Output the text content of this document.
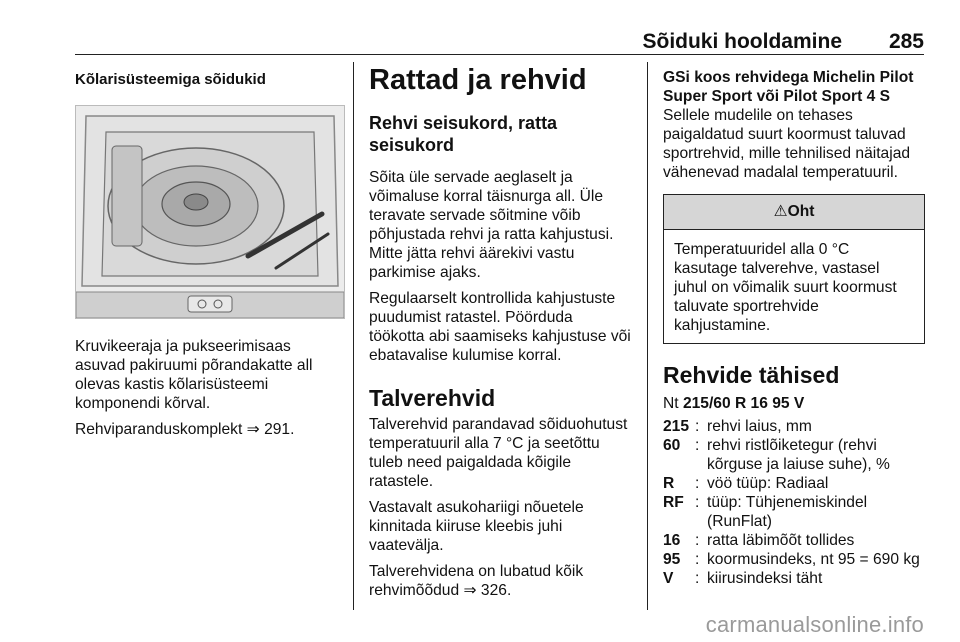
Sõiduki hooldamine 285
Kõlarisüsteemiga sõidukid

Kruvikeeraja ja pukseerimisaas asuvad pakiruumi põrandakatte all olevas kastis kõlarisüsteemi komponendi kõrval.

Rehviparanduskomplekt ⇒ 291.

Rattad ja rehvid
Rehvi seisukord, ratta seisukord

Sõita üle servade aeglaselt ja võimaluse korral täisnurga all. Üle teravate servade sõitmine võib põhjustada rehvi ja ratta kahjustusi. Mitte jätta rehvi äärekivi vastu parkimise ajaks.

Regulaarselt kontrollida kahjustuste puudumist ratastel. Pöörduda töökotta abi saamiseks kahjustuse või ebatavalise kulumise korral.

Talverehvid

Talverehvid parandavad sõiduohutust temperatuuril alla 7 °C ja seetõttu tuleb need paigaldada kõigile ratastele.

Vastavalt asukohariigi nõuetele kinnitada kiiruse kleebis juhi vaatevälja.

Talverehvidena on lubatud kõik rehvimõõdud ⇒ 326.

GSi koos rehvidega Michelin Pilot Super Sport või Pilot Sport 4 S

Sellele mudelile on tehases paigaldatud suurt koormust taluvad sportrehvid, mille tehnilised näitajad vähenevad madalal temperatuuril.

⚠Oht
Temperatuuridel alla 0 °C kasutage talverehve, vastasel juhul on võimalik suurt koormust taluvate sportrehvide kahjustamine.
Rehvide tähised
Nt 215/60 R 16 95 V
215 : rehvi laius, mm
60 : rehvi ristlõiketegur (rehvi kõrguse ja laiuse suhe), %
R	: vöö tüüp: Radiaal
RF : tüüp: Tühjenemiskindel (RunFlat)
16 : ratta läbimõõt tollides
95 : koormusindeks, nt 95 = 690 kg
V	: kiirusindeksi täht
carmanualsonline.info
